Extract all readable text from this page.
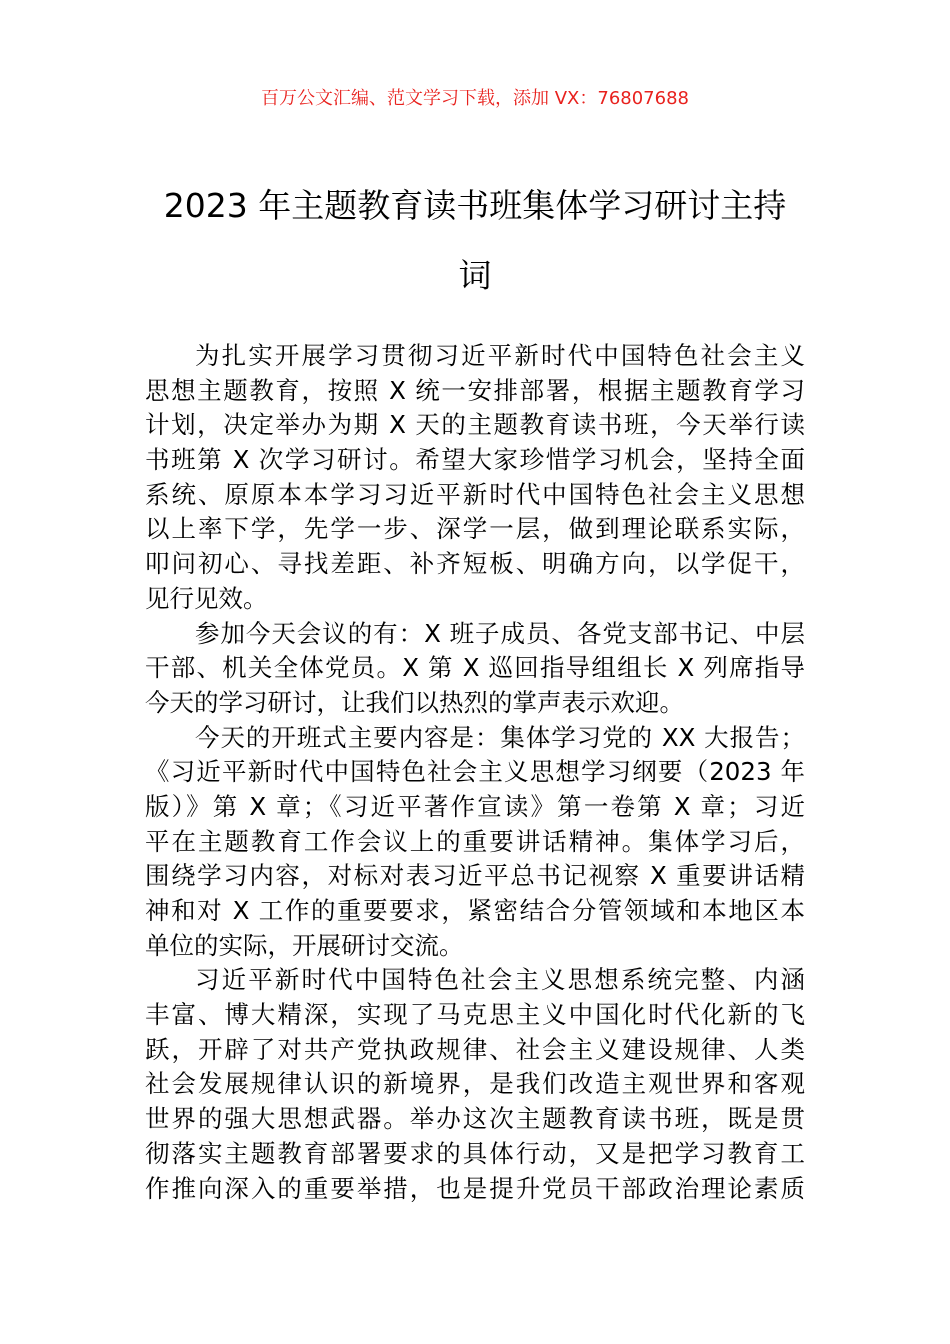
百万公文汇编、范文学习下载，添加 VX：76807688
2023 年主题教育读书班集体学习研讨主持
词
为扎实开展学习贯彻习近平新时代中国特色社会主义
思想主题教育，按照 X 统一安排部署，根据主题教育学习
计划，决定举办为期 X 天的主题教育读书班，今天举行读
书班第 X 次学习研讨。希望大家珍惜学习机会，坚持全面
系统、原原本本学习习近平新时代中国特色社会主义思想
以上率下学，先学一步、深学一层，做到理论联系实际，
叩问初心、寻找差距、补齐短板、明确方向，以学促干，
见行见效。
参加今天会议的有：X 班子成员、各党支部书记、中层
干部、机关全体党员。X 第 X 巡回指导组组长 X 列席指导
今天的学习研讨，让我们以热烈的掌声表示欢迎。
今天的开班式主要内容是：集体学习党的 XX 大报告；
《习近平新时代中国特色社会主义思想学习纲要（2023 年
版）》第 X 章；《习近平著作宣读》第一卷第 X 章；习近
平在主题教育工作会议上的重要讲话精神。集体学习后，
围绕学习内容，对标对表习近平总书记视察 X 重要讲话精
神和对 X 工作的重要要求，紧密结合分管领域和本地区本
单位的实际，开展研讨交流。
习近平新时代中国特色社会主义思想系统完整、内涵
丰富、博大精深，实现了马克思主义中国化时代化新的飞
跃，开辟了对共产党执政规律、社会主义建设规律、人类
社会发展规律认识的新境界，是我们改造主观世界和客观
世界的强大思想武器。举办这次主题教育读书班，既是贯
彻落实主题教育部署要求的具体行动，又是把学习教育工
作推向深入的重要举措，也是提升党员干部政治理论素质
